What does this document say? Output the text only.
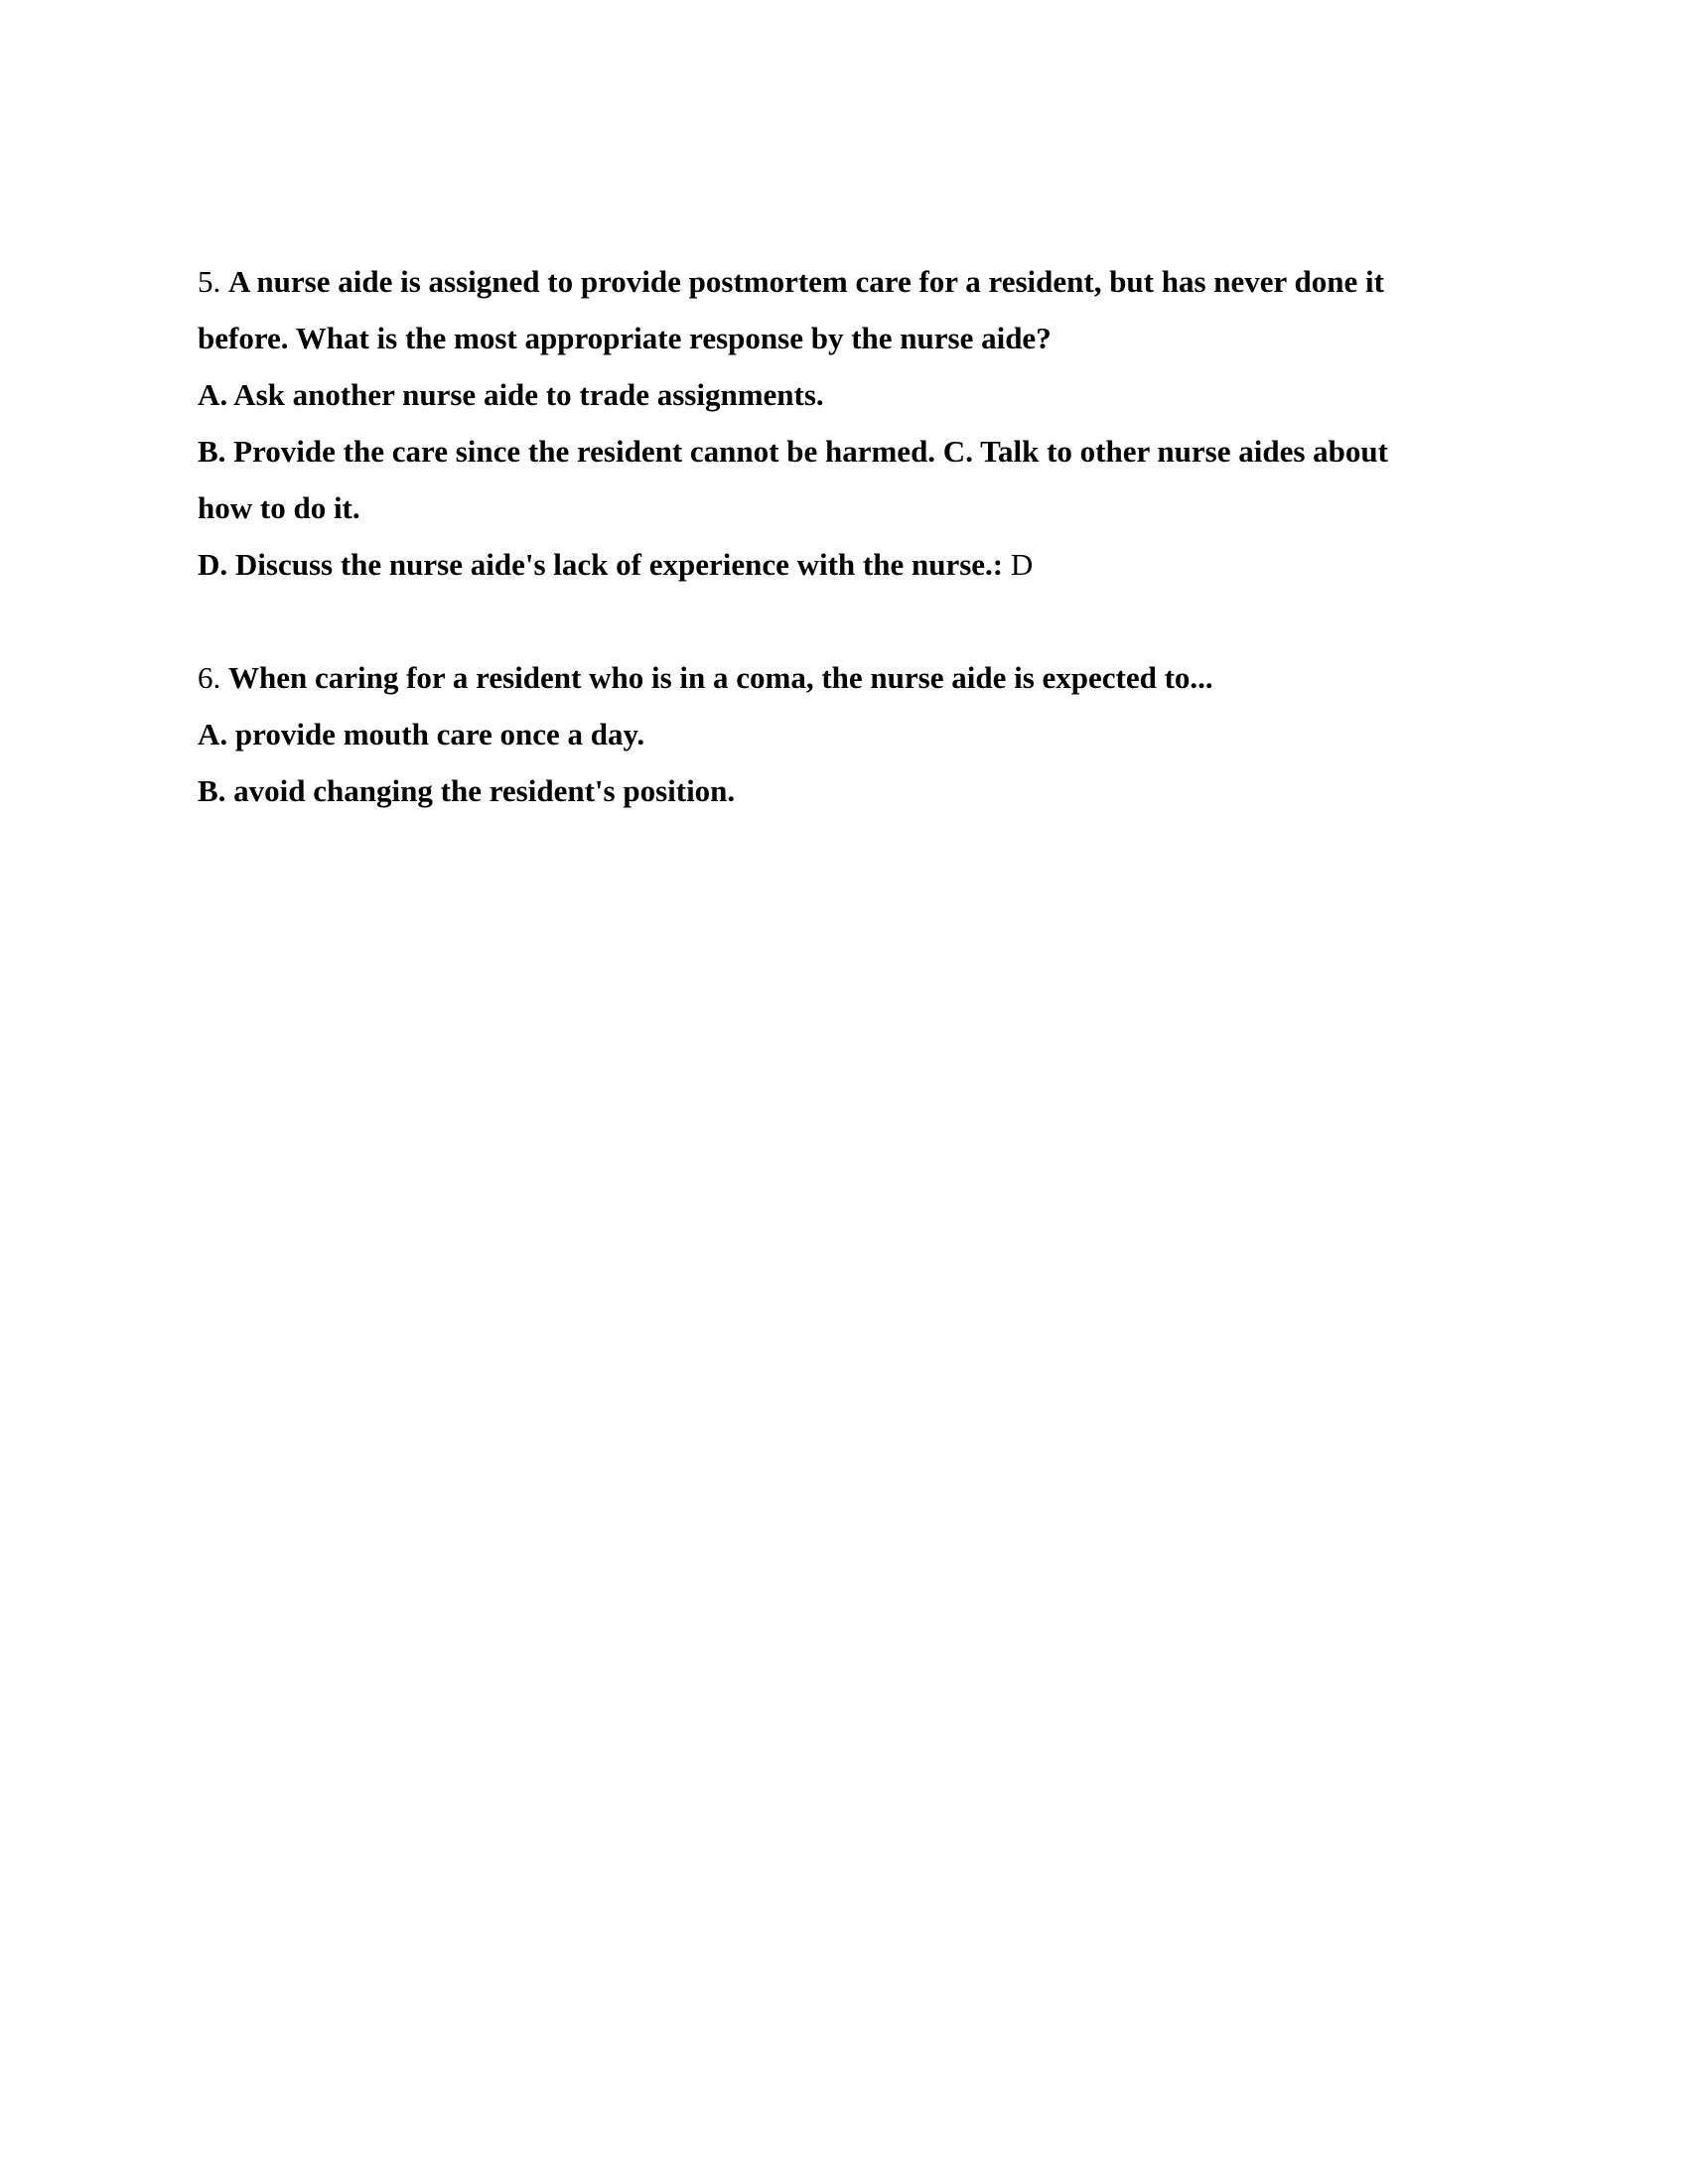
5. A nurse aide is assigned to provide postmortem care for a resident, but has never done it
before. What is the most appropriate response by the nurse aide?
A. Ask another nurse aide to trade assignments.
B. Provide the care since the resident cannot be harmed. C. Talk to other nurse aides about
how to do it.
D. Discuss the nurse aide's lack of experience with the nurse.: D
6. When caring for a resident who is in a coma, the nurse aide is expected to...
A. provide mouth care once a day.
B. avoid changing the resident's position.
